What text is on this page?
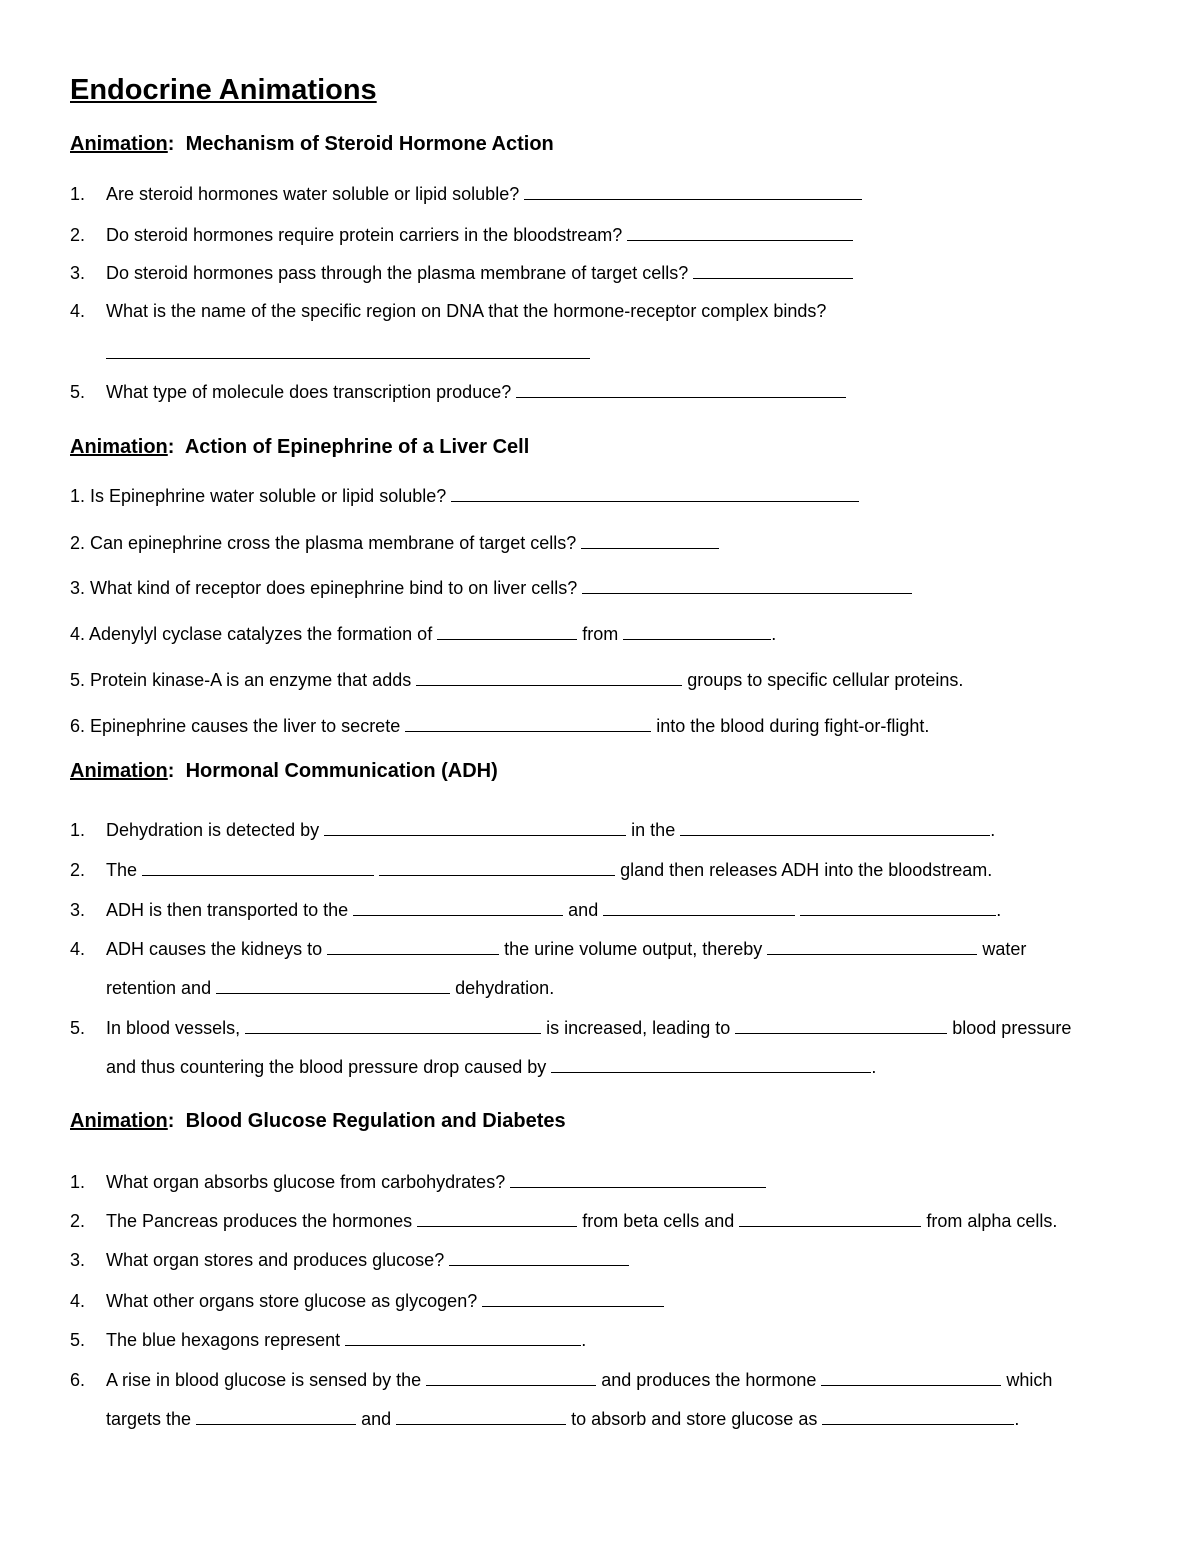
Endocrine Animations
Animation:  Mechanism of Steroid Hormone Action
1. Are steroid hormones water soluble or lipid soluble?
2. Do steroid hormones require protein carriers in the bloodstream?
3. Do steroid hormones pass through the plasma membrane of target cells?
4. What is the name of the specific region on DNA that the hormone-receptor complex binds?
5. What type of molecule does transcription produce?
Animation:  Action of Epinephrine of a Liver Cell
1. Is Epinephrine water soluble or lipid soluble?
2. Can epinephrine cross the plasma membrane of target cells?
3. What kind of receptor does epinephrine bind to on liver cells?
4. Adenylyl cyclase catalyzes the formation of	from	.
5. Protein kinase-A is an enzyme that adds	groups to specific cellular proteins.
6. Epinephrine causes the liver to secrete	into the blood during fight-or-flight.
Animation:  Hormonal Communication (ADH)
1. Dehydration is detected by	in the	.
2. The	gland then releases ADH into the bloodstream.
3. ADH is then transported to the	and	.
4. ADH causes the kidneys to	the urine volume output, thereby	water
retention and	dehydration.
5. In blood vessels,	is increased, leading to	blood pressure
and thus countering the blood pressure drop caused by	.
Animation:  Blood Glucose Regulation and Diabetes
1. What organ absorbs glucose from carbohydrates?
2. The Pancreas produces the hormones	from beta cells and	from alpha cells.
3. What organ stores and produces glucose?
4. What other organs store glucose as glycogen?
5. The blue hexagons represent	.
6. A rise in blood glucose is sensed by the	and produces the hormone	which
targets the	and	to absorb and store glucose as	.
